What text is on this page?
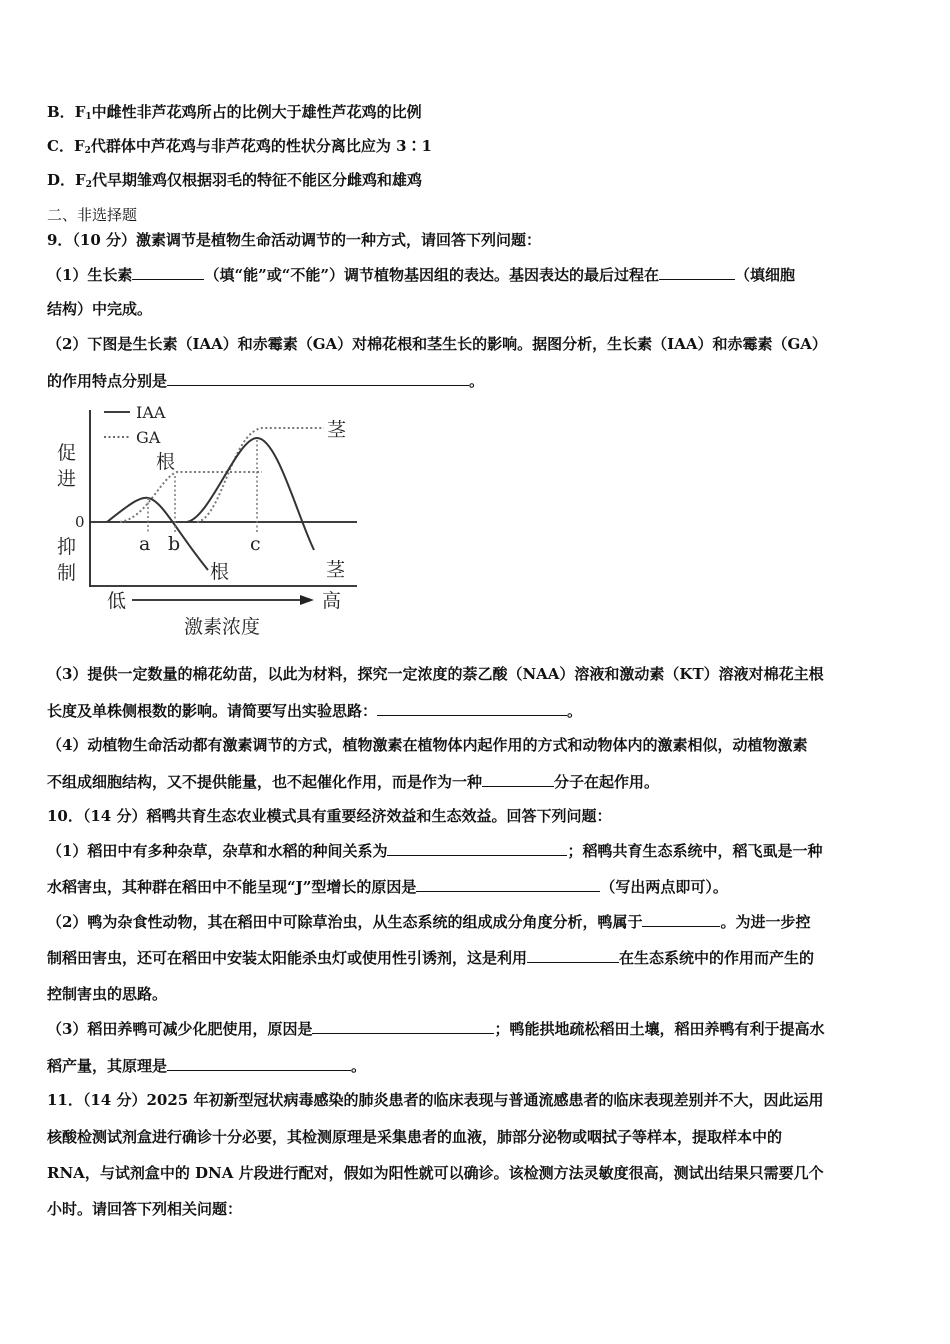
B．$F_1$中雌性非芦花鸡所占的比例大于雄性芦花鸡的比例
C．$F_2$代群体中芦花鸡与非芦花鸡的性状分离比应为 3∶1
D．$F_2$代早期雏鸡仅根据羽毛的特征不能区分雌鸡和雄鸡
二、非选择题
9．（10 分）激素调节是植物生命活动调节的一种方式，请回答下列问题：
（1）生长素	（填“能”或“不能”）调节植物基因组的表达。基因表达的最后过程在	（填细胞
结构）中完成。
（2）下图是生长素（IAA）和赤霉素（GA）对棉花根和茎生长的影响。据图分析，生长素（IAA）和赤霉素（GA）
的作用特点分别是	。
IAA
GA
促
进
0
抑
制
a b	c
根
茎
根	茎
低	高
激素浓度
（3）提供一定数量的棉花幼苗，以此为材料，探究一定浓度的萘乙酸（NAA）溶液和激动素（KT）溶液对棉花主根
长度及单株侧根数的影响。请简要写出实验思路：	。
（4）动植物生命活动都有激素调节的方式，植物激素在植物体内起作用的方式和动物体内的激素相似，动植物激素
不组成细胞结构，又不提供能量，也不起催化作用，而是作为一种	分子在起作用。
10．（14 分）稻鸭共育生态农业模式具有重要经济效益和生态效益。回答下列问题：
（1）稻田中有多种杂草，杂草和水稻的种间关系为	；稻鸭共育生态系统中，稻飞虱是一种
水稻害虫，其种群在稻田中不能呈现“J”型增长的原因是	（写出两点即可）。
（2）鸭为杂食性动物，其在稻田中可除草治虫，从生态系统的组成成分角度分析，鸭属于	。为进一步控
制稻田害虫，还可在稻田中安装太阳能杀虫灯或使用性引诱剂，这是利用	在生态系统中的作用而产生的
控制害虫的思路。
（3）稻田养鸭可减少化肥使用，原因是	；鸭能拱地疏松稻田土壤，稻田养鸭有利于提高水
稻产量，其原理是	。
11．（14 分）2025 年初新型冠状病毒感染的肺炎患者的临床表现与普通流感患者的临床表现差别并不大，因此运用
核酸检测试剂盒进行确诊十分必要，其检测原理是采集患者的血液，肺部分泌物或咽拭子等样本，提取样本中的
RNA，与试剂盒中的 DNA 片段进行配对，假如为阳性就可以确诊。该检测方法灵敏度很高，测试出结果只需要几个
小时。请回答下列相关问题：
